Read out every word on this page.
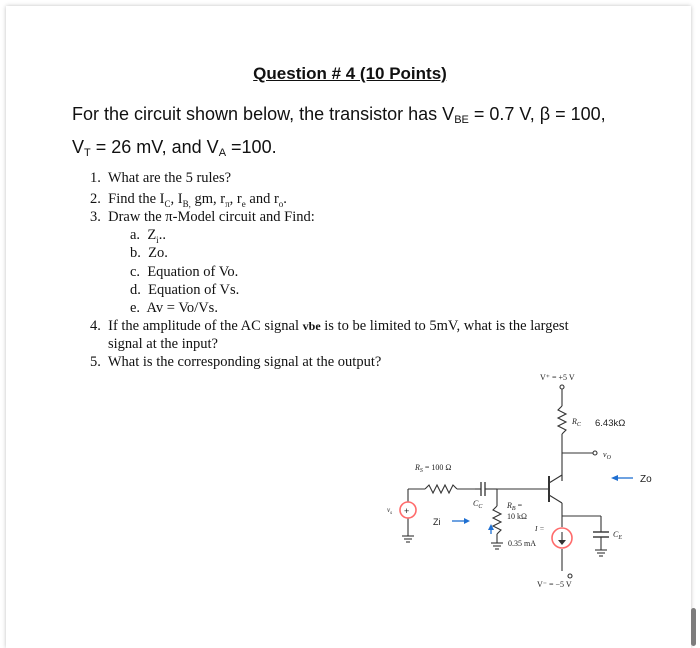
Question # 4 (10 Points)
For the circuit shown below, the transistor has $V_{BE} = 0.7$ V, β = 100,
$V_T = 26$ mV, and $V_A =100$.
1. What are the 5 rules?
2. Find the $I_C$, $I_{B,}$ gm, $r_\pi$, $r_e$ and $r_o$.
3. Draw the π-Model circuit and Find:
a. $Z_i$..
b. Zo.
c. Equation of Vo.
d. Equation of Vs.
e. Av = Vo/Vs.
4. If the amplitude of the AC signal vbe is to be limited to 5mV, what is the largest
signal at the input?
5. What is the corresponding signal at the output?
+
V⁺ = +5 V
$R_C$ 6.43kΩ
$v_O$
Zo
$R_S = 100$ Ω
$C_C$
$v_s$
Zi
$R_B$ =
10 kΩ
I =
0.35 mA
$C_E$
V⁻ = −5 V
